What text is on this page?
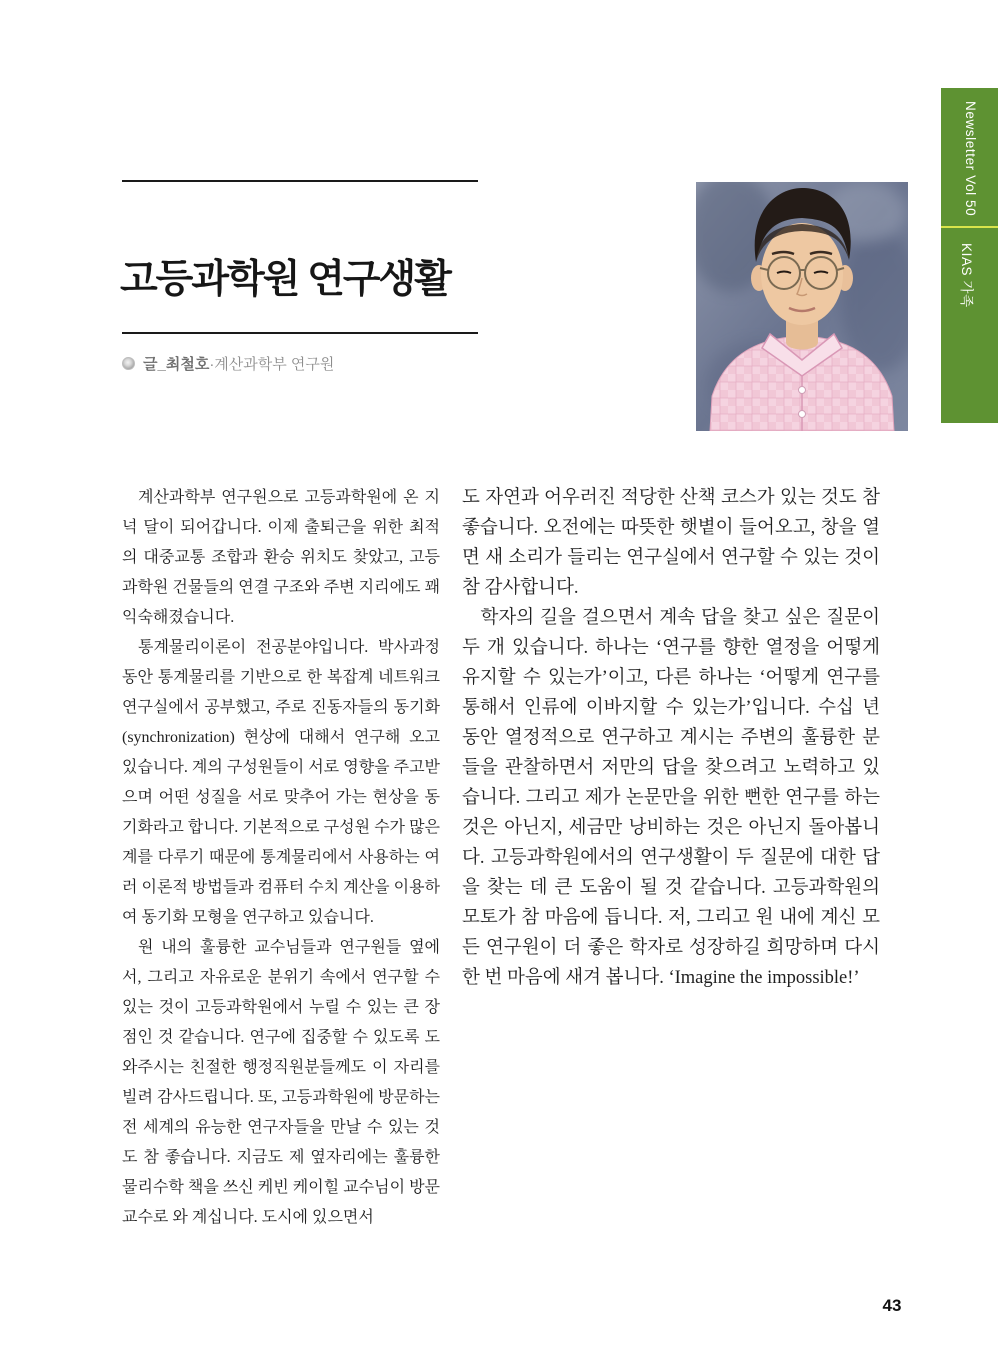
고등과학원 연구생활
글_최철호·계산과학부 연구원
Newsletter Vol 50
KIAS 가족

계산과학부 연구원으로 고등과학원에 온 지 넉 달이 되어갑니다. 이제 출퇴근을 위한 최적의 대중교통 조합과 환승 위치도 찾았고, 고등과학원 건물들의 연결 구조와 주변 지리에도 꽤 익숙해졌습니다.

통계물리이론이 전공분야입니다. 박사과정 동안 통계물리를 기반으로 한 복잡계 네트워크 연구실에서 공부했고, 주로 진동자들의 동기화(synchronization) 현상에 대해서 연구해 오고 있습니다. 계의 구성원들이 서로 영향을 주고받으며 어떤 성질을 서로 맞추어 가는 현상을 동기화라고 합니다. 기본적으로 구성원 수가 많은 계를 다루기 때문에 통계물리에서 사용하는 여러 이론적 방법들과 컴퓨터 수치 계산을 이용하여 동기화 모형을 연구하고 있습니다.

원 내의 훌륭한 교수님들과 연구원들 옆에서, 그리고 자유로운 분위기 속에서 연구할 수 있는 것이 고등과학원에서 누릴 수 있는 큰 장점인 것 같습니다. 연구에 집중할 수 있도록 도와주시는 친절한 행정직원분들께도 이 자리를 빌려 감사드립니다. 또, 고등과학원에 방문하는 전 세계의 유능한 연구자들을 만날 수 있는 것도 참 좋습니다. 지금도 제 옆자리에는 훌륭한 물리수학 책을 쓰신 케빈 케이힐 교수님이 방문교수로 와 계십니다. 도시에 있으면서

도 자연과 어우러진 적당한 산책 코스가 있는 것도 참 좋습니다. 오전에는 따뜻한 햇볕이 들어오고, 창을 열면 새 소리가 들리는 연구실에서 연구할 수 있는 것이 참 감사합니다.

학자의 길을 걸으면서 계속 답을 찾고 싶은 질문이 두 개 있습니다. 하나는 ‘연구를 향한 열정을 어떻게 유지할 수 있는가’이고, 다른 하나는 ‘어떻게 연구를 통해서 인류에 이바지할 수 있는가’입니다. 수십 년 동안 열정적으로 연구하고 계시는 주변의 훌륭한 분들을 관찰하면서 저만의 답을 찾으려고 노력하고 있습니다. 그리고 제가 논문만을 위한 뻔한 연구를 하는 것은 아닌지, 세금만 낭비하는 것은 아닌지 돌아봅니다. 고등과학원에서의 연구생활이 두 질문에 대한 답을 찾는 데 큰 도움이 될 것 같습니다. 고등과학원의 모토가 참 마음에 듭니다. 저, 그리고 원 내에 계신 모든 연구원이 더 좋은 학자로 성장하길 희망하며 다시 한 번 마음에 새겨 봅니다. ‘Imagine the impossible!’

43
